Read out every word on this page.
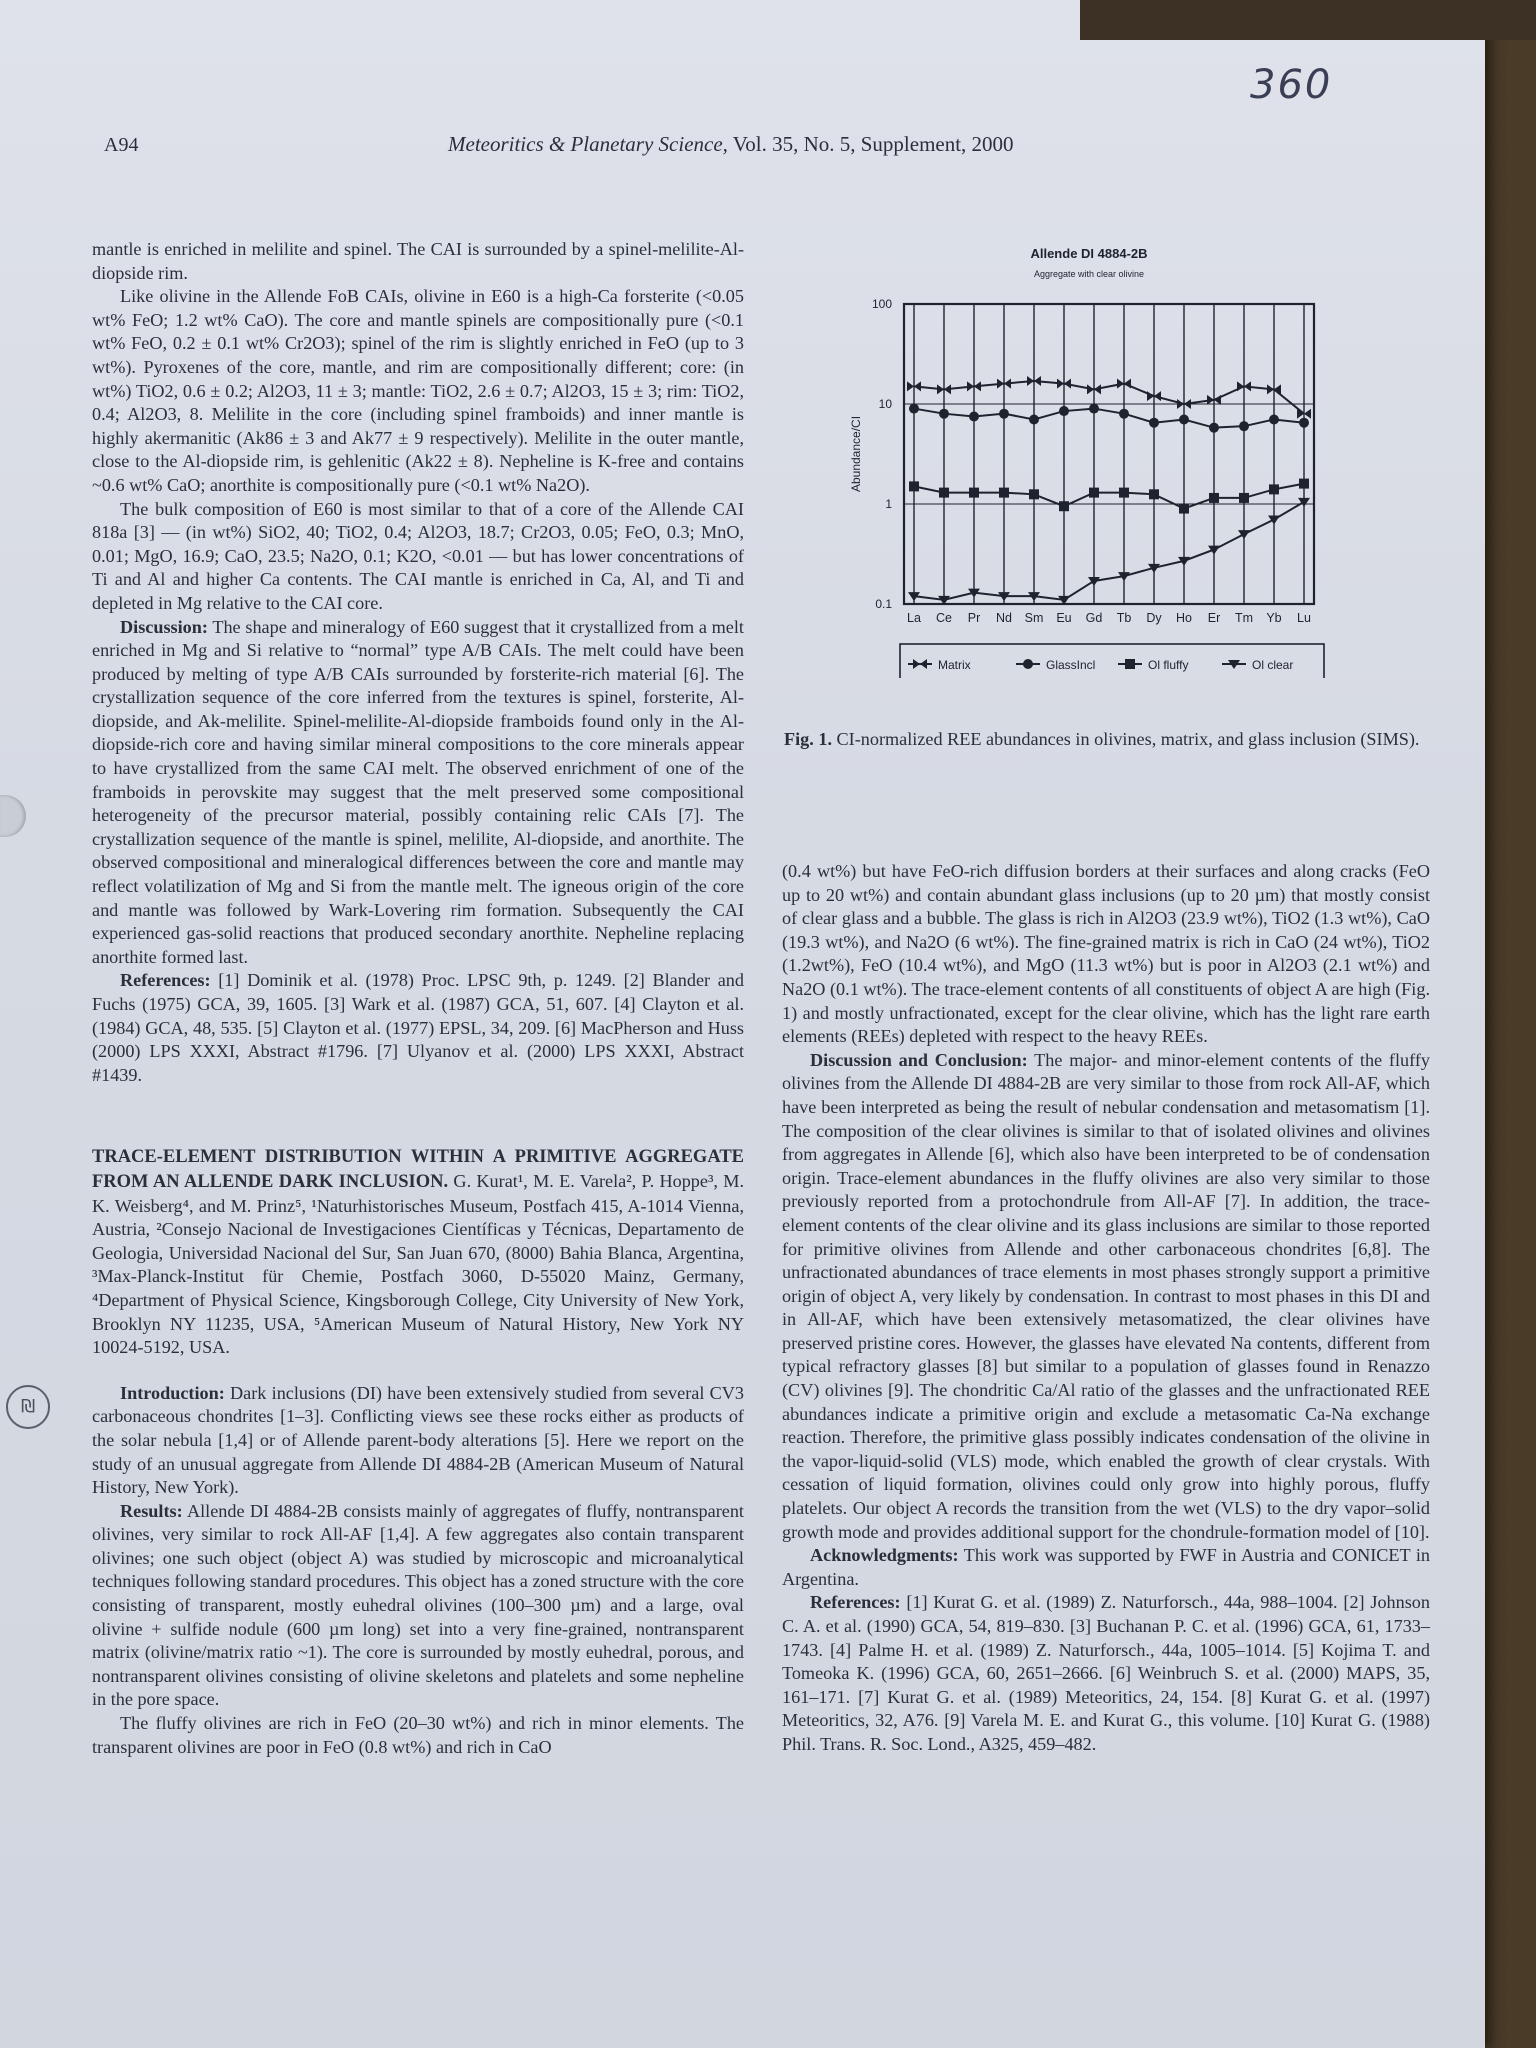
360
A94	Meteoritics & Planetary Science, Vol. 35, No. 5, Supplement, 2000
₪

mantle is enriched in melilite and spinel. The CAI is surrounded by a spinel-melilite-Al-diopside rim.

Like olivine in the Allende FoB CAIs, olivine in E60 is a high-Ca forsterite (<0.05 wt% FeO; 1.2 wt% CaO). The core and mantle spinels are compositionally pure (<0.1 wt% FeO, 0.2 ± 0.1 wt% Cr2O3); spinel of the rim is slightly enriched in FeO (up to 3 wt%). Pyroxenes of the core, mantle, and rim are compositionally different; core: (in wt%) TiO2, 0.6 ± 0.2; Al2O3, 11 ± 3; mantle: TiO2, 2.6 ± 0.7; Al2O3, 15 ± 3; rim: TiO2, 0.4; Al2O3, 8. Melilite in the core (including spinel framboids) and inner mantle is highly akermanitic (Ak86 ± 3 and Ak77 ± 9 respectively). Melilite in the outer mantle, close to the Al-diopside rim, is gehlenitic (Ak22 ± 8). Nepheline is K-free and contains ~0.6 wt% CaO; anorthite is compositionally pure (<0.1 wt% Na2O).

The bulk composition of E60 is most similar to that of a core of the Allende CAI 818a [3] — (in wt%) SiO2, 40; TiO2, 0.4; Al2O3, 18.7; Cr2O3, 0.05; FeO, 0.3; MnO, 0.01; MgO, 16.9; CaO, 23.5; Na2O, 0.1; K2O, <0.01 — but has lower concentrations of Ti and Al and higher Ca contents. The CAI mantle is enriched in Ca, Al, and Ti and depleted in Mg relative to the CAI core.

Discussion: The shape and mineralogy of E60 suggest that it crystallized from a melt enriched in Mg and Si relative to “normal” type A/B CAIs. The melt could have been produced by melting of type A/B CAIs surrounded by forsterite-rich material [6]. The crystallization sequence of the core inferred from the textures is spinel, forsterite, Al-diopside, and Ak-melilite. Spinel-melilite-Al-diopside framboids found only in the Al-diopside-rich core and having similar mineral compositions to the core minerals appear to have crystallized from the same CAI melt. The observed enrichment of one of the framboids in perovskite may suggest that the melt preserved some compositional heterogeneity of the precursor material, possibly containing relic CAIs [7]. The crystallization sequence of the mantle is spinel, melilite, Al-diopside, and anorthite. The observed compositional and mineralogical differences between the core and mantle may reflect volatilization of Mg and Si from the mantle melt. The igneous origin of the core and mantle was followed by Wark-Lovering rim formation. Subsequently the CAI experienced gas-solid reactions that produced secondary anorthite. Nepheline replacing anorthite formed last.

References: [1] Dominik et al. (1978) Proc. LPSC 9th, p. 1249. [2] Blander and Fuchs (1975) GCA, 39, 1605. [3] Wark et al. (1987) GCA, 51, 607. [4] Clayton et al. (1984) GCA, 48, 535. [5] Clayton et al. (1977) EPSL, 34, 209. [6] MacPherson and Huss (2000) LPS XXXI, Abstract #1796. [7] Ulyanov et al. (2000) LPS XXXI, Abstract #1439.

TRACE-ELEMENT DISTRIBUTION WITHIN A PRIMITIVE AGGREGATE FROM AN ALLENDE DARK INCLUSION. G. Kurat¹, M. E. Varela², P. Hoppe³, M. K. Weisberg⁴, and M. Prinz⁵, ¹Naturhistorisches Museum, Postfach 415, A-1014 Vienna, Austria, ²Consejo Nacional de Investigaciones Científicas y Técnicas, Departamento de Geologia, Universidad Nacional del Sur, San Juan 670, (8000) Bahia Blanca, Argentina, ³Max-Planck-Institut für Chemie, Postfach 3060, D-55020 Mainz, Germany, ⁴Department of Physical Science, Kingsborough College, City University of New York, Brooklyn NY 11235, USA, ⁵American Museum of Natural History, New York NY 10024-5192, USA.

Introduction: Dark inclusions (DI) have been extensively studied from several CV3 carbonaceous chondrites [1–3]. Conflicting views see these rocks either as products of the solar nebula [1,4] or of Allende parent-body alterations [5]. Here we report on the study of an unusual aggregate from Allende DI 4884-2B (American Museum of Natural History, New York).

Results: Allende DI 4884-2B consists mainly of aggregates of fluffy, nontransparent olivines, very similar to rock All-AF [1,4]. A few aggregates also contain transparent olivines; one such object (object A) was studied by microscopic and microanalytical techniques following standard procedures. This object has a zoned structure with the core consisting of transparent, mostly euhedral olivines (100–300 µm) and a large, oval olivine + sulfide nodule (600 µm long) set into a very fine-grained, nontransparent matrix (olivine/matrix ratio ~1). The core is surrounded by mostly euhedral, porous, and nontransparent olivines consisting of olivine skeletons and platelets and some nepheline in the pore space.

The fluffy olivines are rich in FeO (20–30 wt%) and rich in minor elements. The transparent olivines are poor in FeO (0.8 wt%) and rich in CaO

Allende DI 4884-2B
Aggregate with clear olivine
100
10
1
0.1
Abundance/CI
La Ce Pr Nd Sm Eu Gd Tb Dy Ho Er Tm Yb Lu
Matrix	GlassIncl	Ol fluffy	Ol clear
Fig. 1. CI-normalized REE abundances in olivines, matrix, and glass inclusion (SIMS).

(0.4 wt%) but have FeO-rich diffusion borders at their surfaces and along cracks (FeO up to 20 wt%) and contain abundant glass inclusions (up to 20 µm) that mostly consist of clear glass and a bubble. The glass is rich in Al2O3 (23.9 wt%), TiO2 (1.3 wt%), CaO (19.3 wt%), and Na2O (6 wt%). The fine-grained matrix is rich in CaO (24 wt%), TiO2 (1.2wt%), FeO (10.4 wt%), and MgO (11.3 wt%) but is poor in Al2O3 (2.1 wt%) and Na2O (0.1 wt%). The trace-element contents of all constituents of object A are high (Fig. 1) and mostly unfractionated, except for the clear olivine, which has the light rare earth elements (REEs) depleted with respect to the heavy REEs.

Discussion and Conclusion: The major- and minor-element contents of the fluffy olivines from the Allende DI 4884-2B are very similar to those from rock All-AF, which have been interpreted as being the result of nebular condensation and metasomatism [1]. The composition of the clear olivines is similar to that of isolated olivines and olivines from aggregates in Allende [6], which also have been interpreted to be of condensation origin. Trace-element abundances in the fluffy olivines are also very similar to those previously reported from a protochondrule from All-AF [7]. In addition, the trace-element contents of the clear olivine and its glass inclusions are similar to those reported for primitive olivines from Allende and other carbonaceous chondrites [6,8]. The unfractionated abundances of trace elements in most phases strongly support a primitive origin of object A, very likely by condensation. In contrast to most phases in this DI and in All-AF, which have been extensively metasomatized, the clear olivines have preserved pristine cores. However, the glasses have elevated Na contents, different from typical refractory glasses [8] but similar to a population of glasses found in Renazzo (CV) olivines [9]. The chondritic Ca/Al ratio of the glasses and the unfractionated REE abundances indicate a primitive origin and exclude a metasomatic Ca-Na exchange reaction. Therefore, the primitive glass possibly indicates condensation of the olivine in the vapor-liquid-solid (VLS) mode, which enabled the growth of clear crystals. With cessation of liquid formation, olivines could only grow into highly porous, fluffy platelets. Our object A records the transition from the wet (VLS) to the dry vapor–solid growth mode and provides additional support for the chondrule-formation model of [10].

Acknowledgments: This work was supported by FWF in Austria and CONICET in Argentina.

References: [1] Kurat G. et al. (1989) Z. Naturforsch., 44a, 988–1004. [2] Johnson C. A. et al. (1990) GCA, 54, 819–830. [3] Buchanan P. C. et al. (1996) GCA, 61, 1733–1743. [4] Palme H. et al. (1989) Z. Naturforsch., 44a, 1005–1014. [5] Kojima T. and Tomeoka K. (1996) GCA, 60, 2651–2666. [6] Weinbruch S. et al. (2000) MAPS, 35, 161–171. [7] Kurat G. et al. (1989) Meteoritics, 24, 154. [8] Kurat G. et al. (1997) Meteoritics, 32, A76. [9] Varela M. E. and Kurat G., this volume. [10] Kurat G. (1988) Phil. Trans. R. Soc. Lond., A325, 459–482.
